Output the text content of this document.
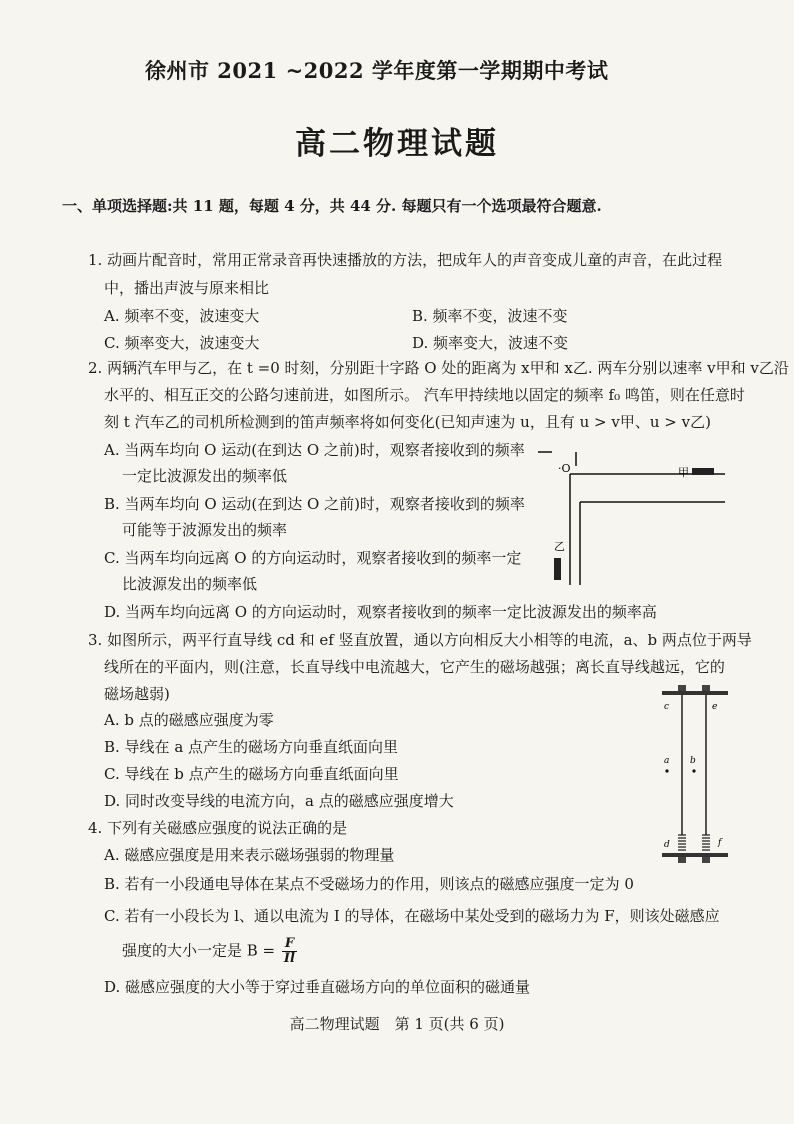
徐州市 2021 ~2022 学年度第一学期期中考试
高二物理试题
一、单项选择题:共 11 题，每题 4 分，共 44 分. 每题只有一个选项最符合题意.
1. 动画片配音时，常用正常录音再快速播放的方法，把成年人的声音变成儿童的声音，在此过程
中，播出声波与原来相比
A. 频率不变，波速变大	B. 频率不变，波速不变
C. 频率变大，波速变大	D. 频率变大，波速不变
2. 两辆汽车甲与乙，在 t =0 时刻，分别距十字路 O 处的距离为 x甲和 x乙. 两车分别以速率 v甲和 v乙沿
水平的、相互正交的公路匀速前进，如图所示。 汽车甲持续地以固定的频率 f₀ 鸣笛，则在任意时
刻 t 汽车乙的司机所检测到的笛声频率将如何变化(已知声速为 u，且有 u > v甲、u > v乙)
A. 当两车均向 O 运动(在到达 O 之前)时，观察者接收到的频率
一定比波源发出的频率低
B. 当两车均向 O 运动(在到达 O 之前)时，观察者接收到的频率
可能等于波源发出的频率
C. 当两车均向远离 O 的方向运动时，观察者接收到的频率一定
比波源发出的频率低
D. 当两车均向远离 O 的方向运动时，观察者接收到的频率一定比波源发出的频率高
·O	甲
乙
3. 如图所示，两平行直导线 cd 和 ef 竖直放置，通以方向相反大小相等的电流，a、b 两点位于两导
线所在的平面内，则(注意，长直导线中电流越大，它产生的磁场越强；离长直导线越远，它的
磁场越弱)
A. b 点的磁感应强度为零
B. 导线在 a 点产生的磁场方向垂直纸面向里
C. 导线在 b 点产生的磁场方向垂直纸面向里
D. 同时改变导线的电流方向，a 点的磁感应强度增大
c	e
a b
d	f
4. 下列有关磁感应强度的说法正确的是
A. 磁感应强度是用来表示磁场强弱的物理量
B. 若有一小段通电导体在某点不受磁场力的作用，则该点的磁感应强度一定为 0
C. 若有一小段长为 l、通以电流为 I 的导体，在磁场中某处受到的磁场力为 F，则该处磁感应
强度的大小一定是 $B = \frac{F}{Il}$
D. 磁感应强度的大小等于穿过垂直磁场方向的单位面积的磁通量
高二物理试题　第 1 页(共 6 页)
